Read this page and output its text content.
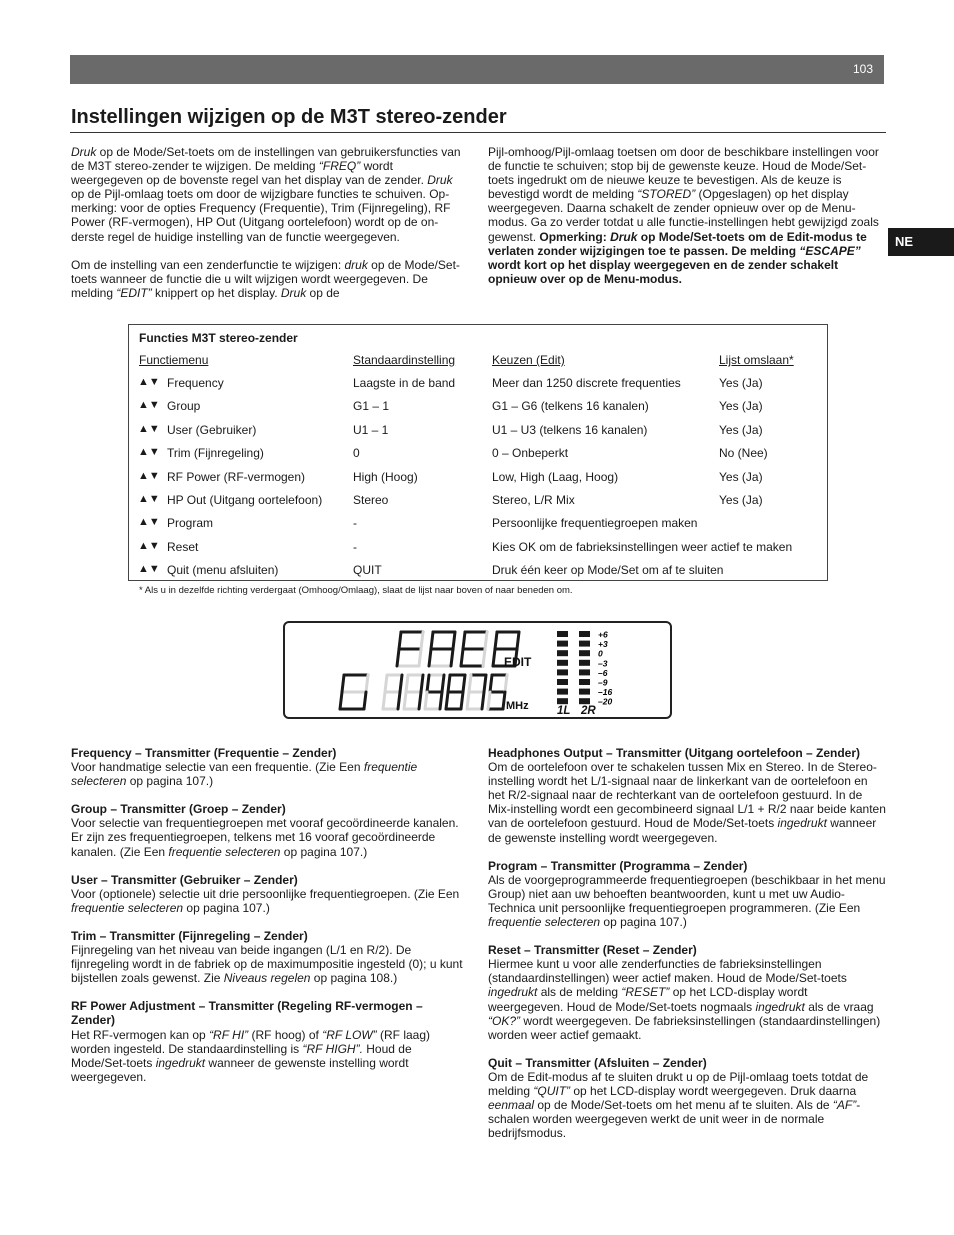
103
Instellingen wijzigen op de M3T stereo-zender
NE

Druk op de Mode/Set-toets om de instellingen van gebruikersfuncties van de M3T stereo-zender te wijzigen. De melding “FREQ” wordt weergegeven op de bovenste regel van het display van de zender. Druk op de Pijl-omlaag toets om door de wijzigbare functies te schuiven. Opmerking: voor de opties Frequency (Frequentie), Trim (Fijnregeling), RF Power (RF-vermogen), HP Out (Uitgang oortelefoon) wordt op de onderste regel de huidige instelling van de functie weergegeven.

Om de instelling van een zenderfunctie te wijzigen: druk op de Mode/Set-toets wanneer de functie die u wilt wijzigen wordt weergegeven. De melding “EDIT” knippert op het display. Druk op de

Pijl-omhoog/Pijl-omlaag toetsen om door de beschikbare instellingen voor de functie te schuiven; stop bij de gewenste keuze. Houd de Mode/Set-toets ingedrukt om de nieuwe keuze te bevestigen. Als de keuze is bevestigd wordt de melding “STORED” (Opgeslagen) op het display weergegeven. Daarna schakelt de zender opnieuw over op de Menu-modus. Ga zo verder totdat u alle functie-instellingen hebt gewijzigd zoals gewenst. Opmerking: Druk op Mode/Set-toets om de Edit-modus te verlaten zonder wijzigingen toe te passen. De melding “ESCAPE” wordt kort op het display weergegeven en de zender schakelt opnieuw over op de Menu-modus.

Functies M3T stereo-zender
Functiemenu	Standaardinstelling	Keuzen (Edit)	Lijst omslaan*
▲▼ Frequency	Laagste in de band	Meer dan 1250 discrete frequenties	Yes (Ja)
▲▼ Group	G1 – 1	G1 – G6 (telkens 16 kanalen)	Yes (Ja)
▲▼ User (Gebruiker)	U1 – 1	U1 – U3 (telkens 16 kanalen)	Yes (Ja)
▲▼ Trim (Fijnregeling)	0	0 – Onbeperkt	No (Nee)
▲▼ RF Power (RF-vermogen)	High (Hoog)	Low, High (Laag, Hoog)	Yes (Ja)
▲▼ HP Out (Uitgang oortelefoon)	Stereo	Stereo, L/R Mix	Yes (Ja)
▲▼ Program	-	Persoonlijke frequentiegroepen maken
▲▼ Reset	-	Kies OK om de fabrieksinstellingen weer actief te maken
▲▼ Quit (menu afsluiten)	QUIT	Druk één keer op Mode/Set om af te sluiten
* Als u in dezelfde richting verdergaat (Omhoog/Omlaag), slaat de lijst naar boven of naar beneden om.
EDIT
MHz
+6
+3
0
–3
–6
–9
–16
–20
1L 2R

Frequency – Transmitter (Frequentie – Zender)

Voor handmatige selectie van een frequentie. (Zie Een frequentie selecteren op pagina 107.)

Group – Transmitter (Groep – Zender)

Voor selectie van frequentiegroepen met vooraf gecoördineerde kanalen. Er zijn zes frequentiegroepen, telkens met 16 vooraf gecoördineerde kanalen. (Zie Een frequentie selecteren op pagina 107.)

User – Transmitter (Gebruiker – Zender)

Voor (optionele) selectie uit drie persoonlijke frequentiegroepen. (Zie Een frequentie selecteren op pagina 107.)

Trim – Transmitter (Fijnregeling – Zender)

Fijnregeling van het niveau van beide ingangen (L/1 en R/2). De fijnregeling wordt in de fabriek op de maximumpositie ingesteld (0); u kunt bijstellen zoals gewenst. Zie Niveaus regelen op pagina 108.)

RF Power Adjustment – Transmitter (Regeling RF-vermogen – Zender)

Het RF-vermogen kan op “RF HI” (RF hoog) of “RF LOW” (RF laag) worden ingesteld. De standaardinstelling is “RF HIGH”. Houd de Mode/Set-toets ingedrukt wanneer de gewenste instelling wordt weergegeven.

Headphones Output – Transmitter (Uitgang oortelefoon – Zender)

Om de oortelefoon over te schakelen tussen Mix en Stereo. In de Stereo-instelling wordt het L/1-signaal naar de linkerkant van de oortelefoon en het R/2-signaal naar de rechterkant van de oortelefoon gestuurd. In de Mix-instelling wordt een gecombineerd signaal L/1 + R/2 naar beide kanten van de oortelefoon gestuurd. Houd de Mode/Set-toets ingedrukt wanneer de gewenste instelling wordt weergegeven.

Program – Transmitter (Programma – Zender)

Als de voorgeprogrammeerde frequentiegroepen (beschikbaar in het menu Group) niet aan uw behoeften beantwoorden, kunt u met uw Audio-Technica unit persoonlijke frequentiegroepen programmeren. (Zie Een frequentie selecteren op pagina 107.)

Reset – Transmitter (Reset – Zender)

Hiermee kunt u voor alle zenderfuncties de fabrieksinstellingen (standaardinstellingen) weer actief maken. Houd de Mode/Set-toets ingedrukt als de melding “RESET” op het LCD-display wordt weergegeven. Houd de Mode/Set-toets nogmaals ingedrukt als de vraag “OK?” wordt weergegeven. De fabrieksinstellingen (standaardinstellingen) worden weer actief gemaakt.

Quit – Transmitter (Afsluiten – Zender)

Om de Edit-modus af te sluiten drukt u op de Pijl-omlaag toets totdat de melding “QUIT” op het LCD-display wordt weergegeven. Druk daarna eenmaal op de Mode/Set-toets om het menu af te sluiten. Als de “AF”-schalen worden weergegeven werkt de unit weer in de normale bedrijfsmodus.
